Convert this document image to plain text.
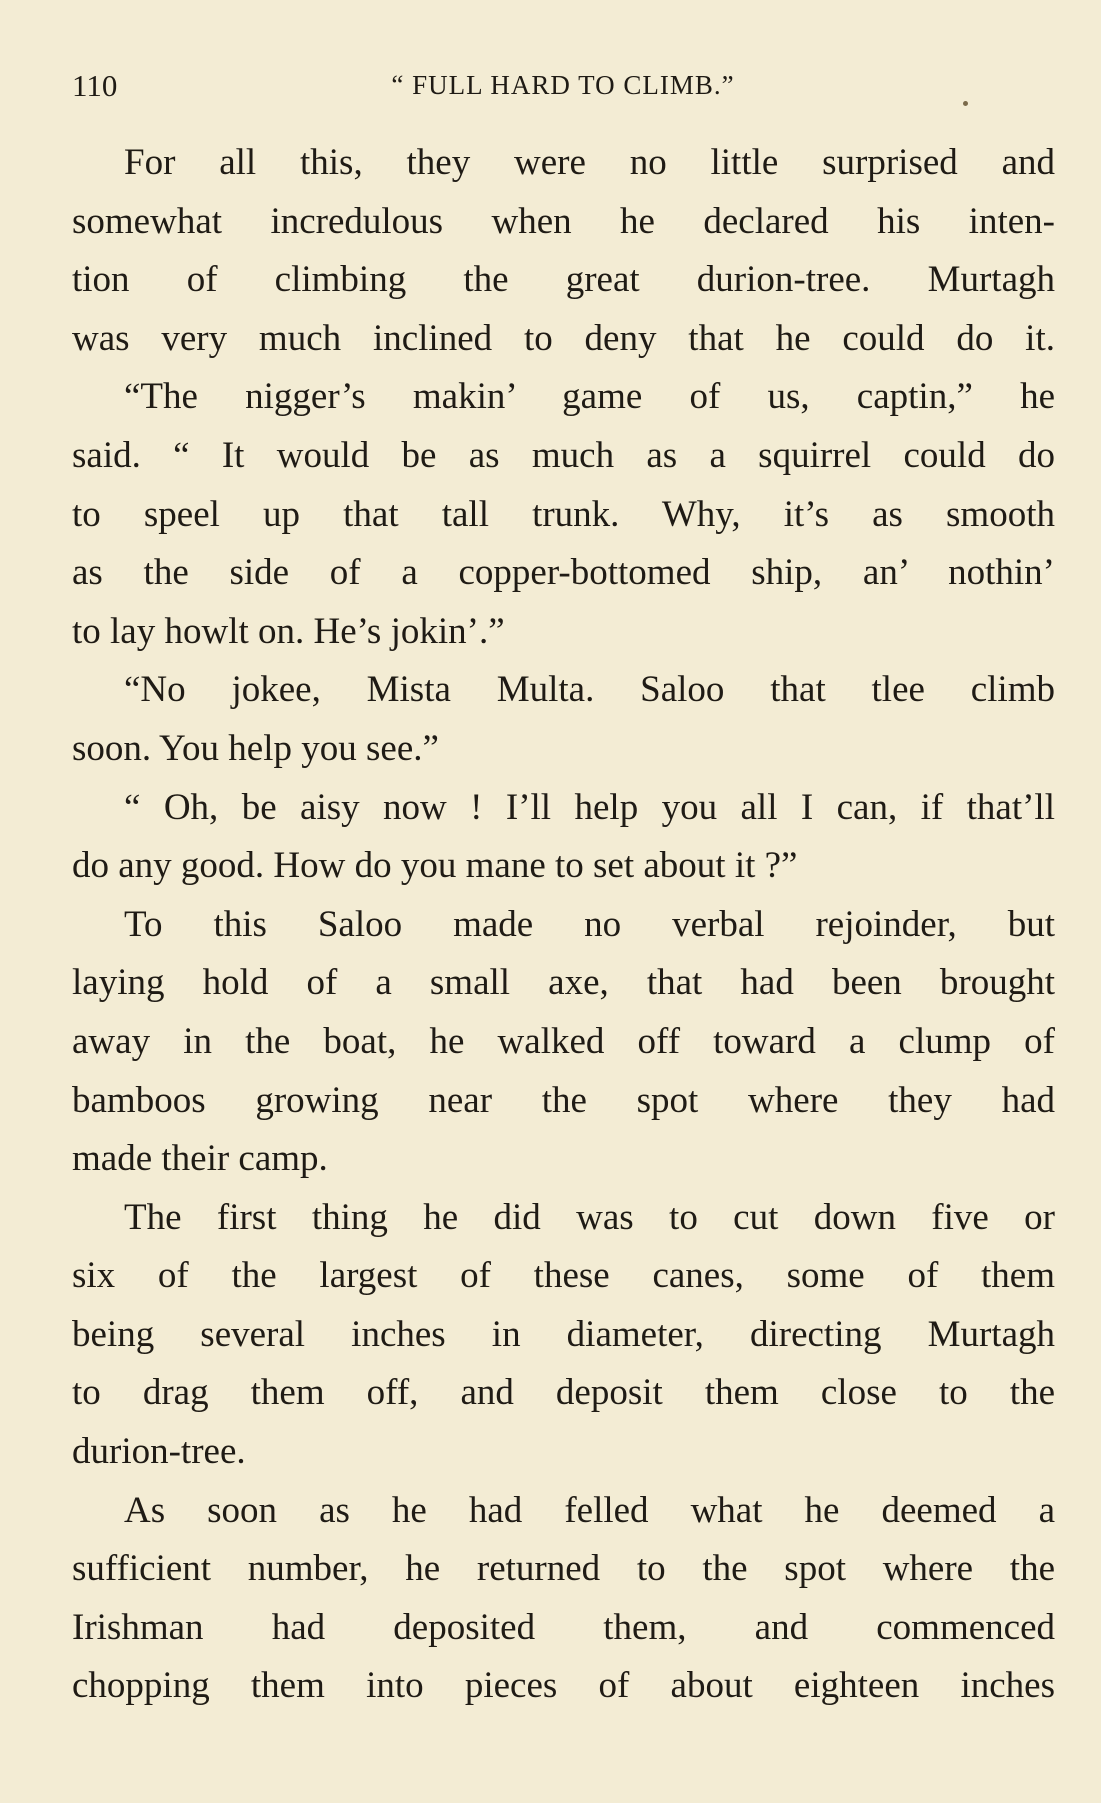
110	“ FULL HARD TO CLIMB.”
For all this, they were no little surprised and
somewhat incredulous when he declared his inten-
tion of climbing the great durion-tree. Murtagh
was very much inclined to deny that he could do it.
“The nigger’s makin’ game of us, captin,” he
said. “ It would be as much as a squirrel could do
to speel up that tall trunk. Why, it’s as smooth
as the side of a copper-bottomed ship, an’ nothin’
to lay howlt on. He’s jokin’.”
“No jokee, Mista Multa. Saloo that tlee climb
soon. You help you see.”
“ Oh, be aisy now ! I’ll help you all I can, if that’ll
do any good. How do you mane to set about it ?”
To this Saloo made no verbal rejoinder, but
laying hold of a small axe, that had been brought
away in the boat, he walked off toward a clump of
bamboos growing near the spot where they had
made their camp.
The first thing he did was to cut down five or
six of the largest of these canes, some of them
being several inches in diameter, directing Murtagh
to drag them off, and deposit them close to the
durion-tree.
As soon as he had felled what he deemed a
sufficient number, he returned to the spot where the
Irishman had deposited them, and commenced
chopping them into pieces of about eighteen inches
